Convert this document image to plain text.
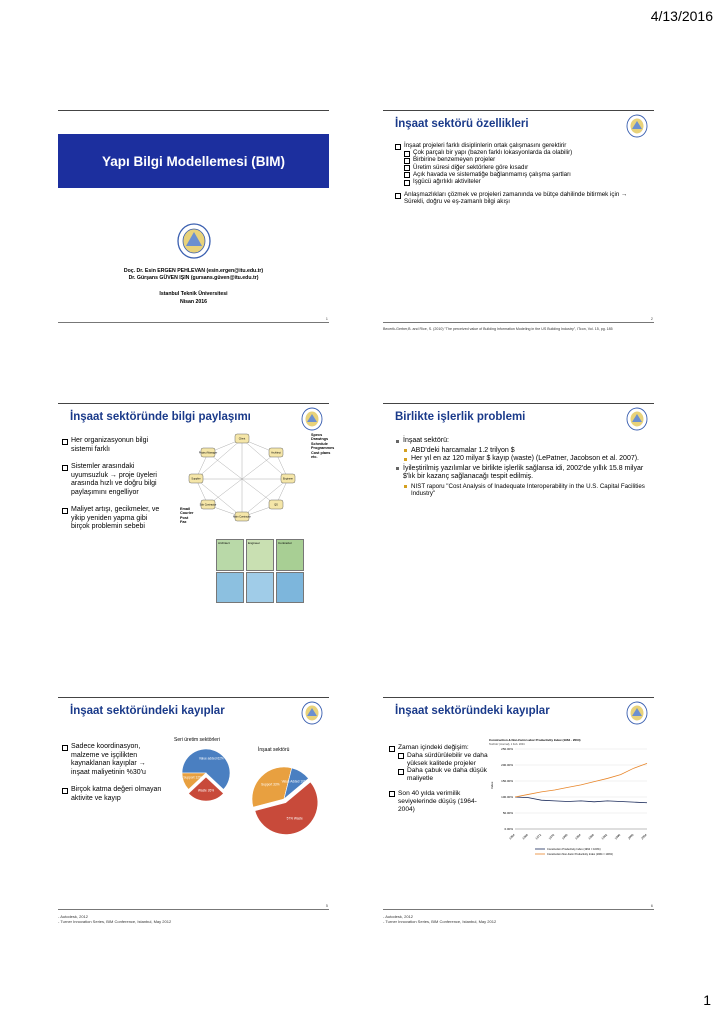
4/13/2016
1
Yapı Bilgi Modellemesi (BIM)
Doç. Dr. Esin ERGEN PEHLEVAN (esin.ergen@itu.edu.tr)
Dr. Gürşans GÜVEN IŞIN (gursans.güven@itu.edu.tr)
Istanbul Teknik Üniversitesi
Nisan 2016
1
İnşaat sektörü özellikleri
İnşaat projeleri farklı disiplinlerin ortak çalışmasını gerektirir
Çok parçalı bir yapı (bazen farklı lokasyonlarda da olabilir)
Birbirine benzemeyen projeler
Üretim süresi diğer sektörlere göre kısadır
Açık havada ve sistematiğe bağlanmamış çalışma şartları
Işgücü ağırlıklı aktiviteler
Anlaşmazlıkları çözmek ve projeleri zamanında ve bütçe dahilinde bitirmek için → Sürekli, doğru ve eş-zamanlı bilgi akışı
Becerik-Gerber,B. and Rice, S. (2010) "The perceived value of Building Information Modeling in the US Building Industry", ITcon, Vol. 15, pg. 185
2
İnşaat sektöründe bilgi paylaşımı
Her organizasyonun bilgi sistemi farklı
Sistemler arasındaki uyumsuzluk → proje üyeleri arasında hızlı ve doğru bilgi paylaşımını engelliyor
Maliyet artışı, gecikmeler, ve yikip yeniden yapma gibi birçok problemin sebebi
Client
Architect
Engineer
QS
Main Contractor
Sub Contractor
Supplier
Project Manager
Specs
Drawings
Schedule
Programmes
Cost plans
etc.
Email
Courier
Post
Fax
Architect	Engineer	Contractor
Birlikte işlerlik problemi
İnşaat sektörü:
ABD'deki harcamalar 1.2 trilyon $
Her yıl en az 120 milyar $ kayıp (waste) (LePatner, Jacobson et al. 2007).
İyileştirilmiş yazılımlar ve birlikte işlerlik sağlansa idi, 2002'de yıllık 15.8 milyar $'lık bir kazanç sağlanacağı tespit edilmiş.
NIST raporu "Cost Analysis of Inadequate Interoperability in the U.S. Capital Facilities Industry"
İnşaat sektöründeki kayıplar
Sadece koordinasyon, malzeme ve işçilikten kaynaklanan kayıplar → inşaat maliyetinin %30'u
Birçok katma değeri olmayan aktivite ve kayıp
Seri üretim sektörleri
İnşaat sektörü
Value added 62%
Waste 26%
Support 12%
57% Waste
Support 33%
Value Added 10%
5
- Autodesk, 2012
- Turner Innovation Series, BIM Conference, Istanbul, May 2012
İnşaat sektöründeki kayıplar
Zaman içindeki değişim:
Daha sürdürülebilir ve daha yüksek kalitede projeler
Daha çabuk ve daha düşük maliyetle
Son 40 yılda verimilik seviyelerinde düşüş (1964-2004)
Construction & Non-Farm Labor Productivity Index (1964 - 2004)
Teicholz (Journal), 1 Feb. 2004
0.00%
50.00%
100.00%
150.00%
200.00%
250.00%
Index
1964 1968 1972 1976 1980 1984 1988 1992 1996 2000 2004
Construction Productivity Index (1964 = 100%)
Construction Non-Farm Productivity Index (1964 = 100%)
6
- Autodesk, 2012
- Turner Innovation Series, BIM Conference, Istanbul, May 2012
